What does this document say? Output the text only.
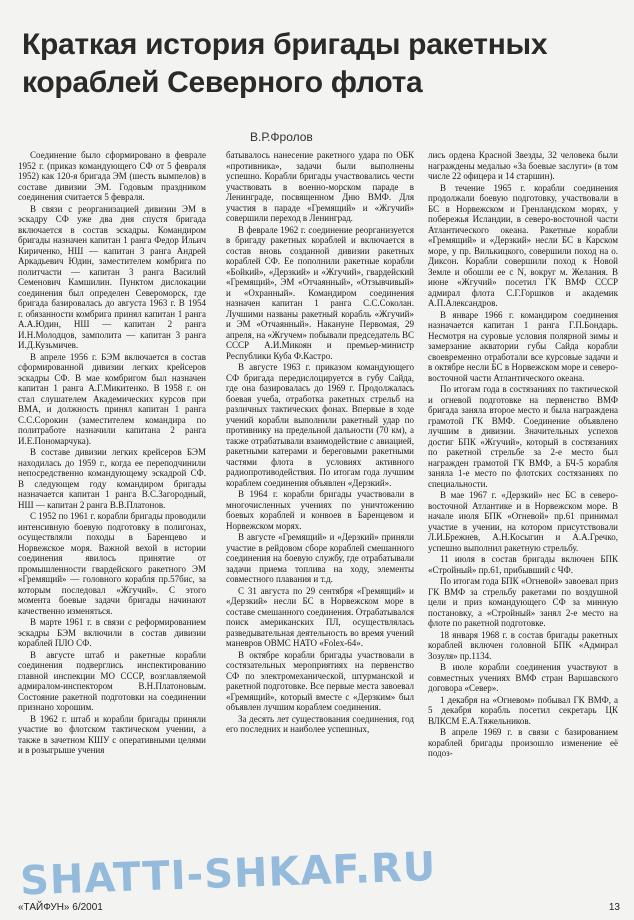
Краткая история бригады ракетных
кораблей Северного флота
В.Р.Фролов

Соединение было сформировано в феврале 1952 г. (приказ командующего СФ от 5 февраля 1952) как 120-я бригада ЭМ (шесть вымпелов) в составе дивизии ЭМ. Годовым праздником соединения считается 5 февраля.

В связи с реорганизацией дивизии ЭМ в эскадру СФ уже два дня спустя бригада включается в состав эскадры. Командиром бригады назначен капитан 1 ранга Федор Ильич Кириченко, НШ — капитан 3 ранга Андрей Аркадьевич Юдин, заместителем комбрига по политчасти — капитан 3 ранга Василий Семенович Камшилин. Пунктом дислокации соединения был определен Североморск, где бригада базировалась до августа 1963 г. В 1954 г. обязанности комбрига принял капитан 1 ранга А.А.Юдин, НШ — капитан 2 ранга И.Н.Молодцов, замполита — капитан 3 ранга И.Д.Кузьмичев.

В апреле 1956 г. БЭМ включается в состав сформированной дивизии легких крейсеров эскадры СФ. В мае комбригом был назначен капитан 1 ранга А.Г.Микитенко. В 1958 г. он стал слушателем Академических курсов при ВМА, и должность принял капитан 1 ранга С.С.Сорокин (заместителем командира по политработе назначили капитана 2 ранга И.Е.Пономарчука).

В составе дивизии легких крейсеров БЭМ находилась до 1959 г., когда ее переподчинили непосредственно командующему эскадрой СФ. В следующем году командиром бригады назначается капитан 1 ранга В.С.Загородный, НШ — капитан 2 ранга В.В.Платонов.

С 1952 по 1961 г. корабли бригады проводили интенсивную боевую подготовку в полигонах, осуществляли походы в Баренцево и Норвежское моря. Важной вехой в истории соединения явилось принятие от промышленности гвардейского ракетного ЭМ «Гремящий» — головного корабля пр.57бис, за которым последовал «Жгучий». С этого момента боевые задачи бригады начинают качественно изменяться.

В марте 1961 г. в связи с реформированием эскадры БЭМ включили в состав дивизии кораблей ПЛО СФ.

В августе штаб и ракетные корабли соединения подверглись инспектированию главной инспекции МО СССР, возглавляемой адмиралом-инспектором В.Н.Платоновым. Состояние ракетной подготовки на соединении признано хорошим.

В 1962 г. штаб и корабли бригады приняли участие во флотском тактическом учении, а также в зачетном КШУ с оперативными целями и в розыгрыше учения

батывалось нанесение ракетного удара по ОБК «противника», задачи были выполнены успешно. Корабли бригады участвовались чести участвовать в военно-морском параде в Ленинграде, посвященном Дню ВМФ. Для участия в параде «Гремящий» и «Жгучий» совершили переход в Ленинград.

В феврале 1962 г. соединение реорганизуется в бригаду ракетных кораблей и включается в состав вновь созданной дивизии ракетных кораблей СФ. Ее пополнили ракетные корабли «Бойкий», «Дерзкий» и «Жгучий», гвардейский «Гремящий», ЭМ «Отчаянный», «Отзывчивый» и «Охранный». Командиром соединения назначен капитан 1 ранга С.С.Соколан. Лучшими названы ракетный корабль «Жгучий» и ЭМ «Отчаянный». Накануне Первомая, 29 апреля, на «Жгучем» побывали председатель ВС СССР А.И.Микоян и премьер-министр Республики Куба Ф.Кастро.

В августе 1963 г. приказом командующего СФ бригада передислоцируется в губу Сайда, где она базировалась до 1969 г. Продолжалась боевая учеба, отработка ракетных стрельб на различных тактических фонах. Впервые в ходе учений корабли выполнили ракетный удар по противнику на предельной дальности (70 км), а также отрабатывали взаимодействие с авиацией, ракетными катерами и береговыми ракетными частями флота в условиях активного радиопротиводействия. По итогам года лучшим кораблем соединения объявлен «Дерзкий».

В 1964 г. корабли бригады участвовали в многочисленных учениях по уничтожению боевых кораблей и конвоев в Баренцевом и Норвежском морях.

В августе «Гремящий» и «Дерзкий» приняли участие в рейдовом сборе кораблей смешанного соединения на боевую службу, где отрабатывали задачи приема топлива на ходу, элементы совместного плавания и т.д.

С 31 августа по 29 сентября «Гремящий» и «Дерзкий» несли БС в Норвежском море в составе смешанного соединения. Отрабатывался поиск американских ПЛ, осуществлялась разведывательная деятельность во время учений маневров ОВМС НАТО «Fоlex-64».

В октябре корабли бригады участвовали в состязательных мероприятиях на первенство СФ по электромеханической, штурманской и ракетной подготовке. Все первые места завоевал «Гремящий», который вместе с «Дерзким» был объявлен лучшим кораблем соединения.

За десять лет существования соединения, год его последних и наиболее успешных,

лись ордена Красной Звезды, 32 человека были награждены медалью «За боевые заслуги» (в том числе 22 офицера и 14 старшин).

В течение 1965 г. корабли соединения продолжали боевую подготовку, участвовали в БС в Норвежском и Гренландском морях, у побережья Исландии, в северо-восточной части Атлантического океана. Ракетные корабли «Гремящий» и «Дерзкий» несли БС в Карском море, у пр. Вилькицкого, совершили поход на о. Диксон. Корабли совершили поход к Новой Земле и обошли ее с N, вокруг м. Желания. В июне «Жгучий» посетил ГК ВМФ СССР адмирал флота С.Г.Горшков и академик А.П.Александров.

В январе 1966 г. командиром соединения назначается капитан 1 ранга Г.П.Бондарь. Несмотря на суровые условия полярной зимы и замерзание акватории губы Сайда корабли своевременно отработали все курсовые задачи и в октябре несли БС в Норвежском море и северо-восточной части Атлантического океана.

По итогам года в состязаниях по тактической и огневой подготовке на первенство ВМФ бригада заняла второе место и была награждена грамотой ГК ВМФ. Соединение объявлено лучшим в дивизии. Значительных успехов достиг БПК «Жгучий», который в состязаниях по ракетной стрельбе за 2-е место был награжден грамотой ГК ВМФ, а БЧ-5 корабля заняла 1-е место по флотских состязаниях по специальности.

В мае 1967 г. «Дерзкий» нес БС в северо-восточной Атлантике и в Норвежском море. В начале июля БПК «Огневой» пр.61 принимал участие в учении, на котором присутствовали Л.И.Брежнев, А.Н.Косыгин и А.А.Гречко, успешно выполнил ракетную стрельбу.

11 июля в состав бригады включен БПК «Стройный» пр.61, прибывший с ЧФ.

По итогам года БПК «Огневой» завоевал приз ГК ВМФ за стрельбу ракетами по воздушной цели и приз командующего СФ за минную постановку, а «Стройный» занял 2-е место на флоте по ракетной подготовке.

18 января 1968 г. в состав бригады ракетных кораблей включен головной БПК «Адмирал Зозуля» пр.1134.

В июле корабли соединения участвуют в совместных учениях ВМФ стран Варшавского договора «Север».

1 декабря на «Огневом» побывал ГК ВМФ, а 5 декабря корабль посетил секретарь ЦК ВЛКСМ Е.А.Тяжельников.

В апреле 1969 г. в связи с базированием кораблей бригады произошло изменение её подоз-

SHATTI-SHKAF.RU
«ТАЙФУН» 6/2001	13
